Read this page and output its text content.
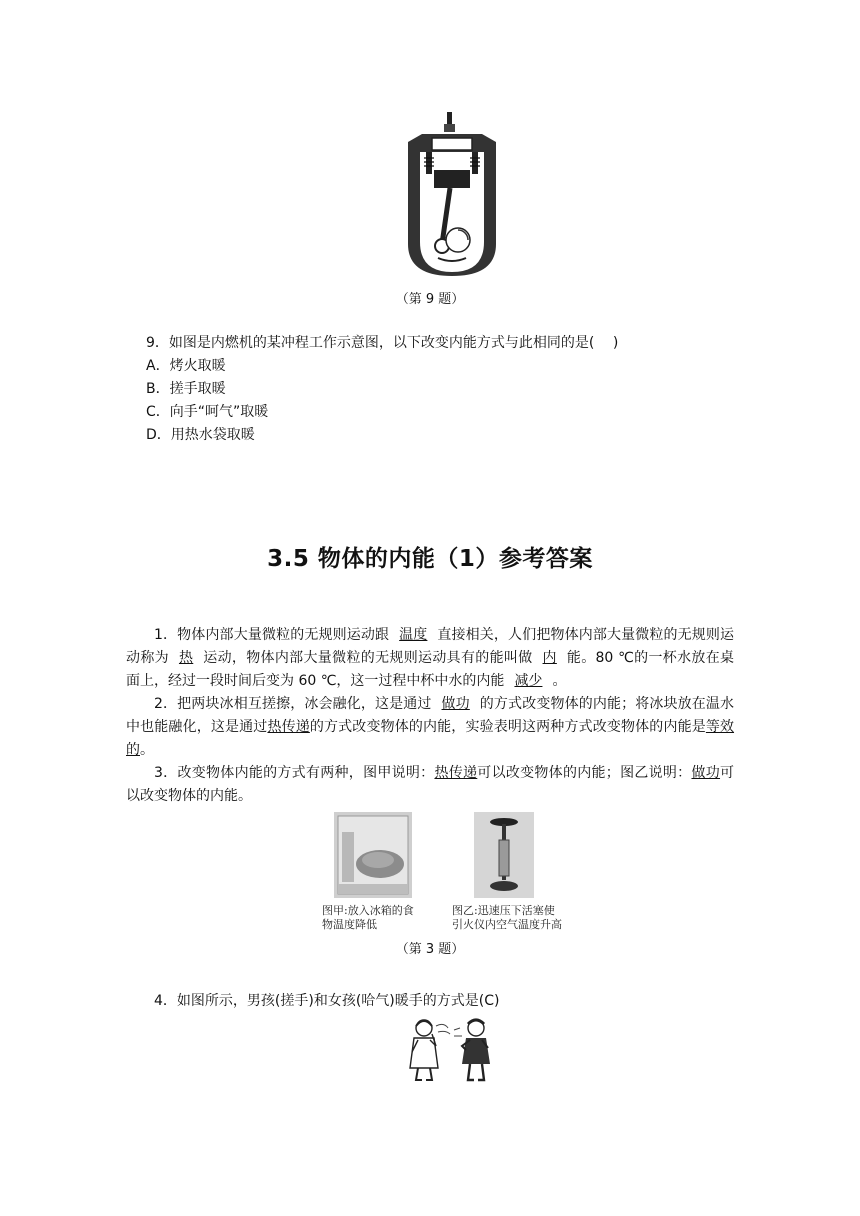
（第 9 题）
9．如图是内燃机的某冲程工作示意图，以下改变内能方式与此相同的是(　 )
A．烤火取暖
B．搓手取暖
C．向手“呵气”取暖
D．用热水袋取暖
3.5 物体的内能（1）参考答案

1．物体内部大量微粒的无规则运动跟 温度 直接相关，人们把物体内部大量微粒的无规则运动称为 热 运动，物体内部大量微粒的无规则运动具有的能叫做 内 能。80 ℃的一杯水放在桌面上，经过一段时间后变为 60 ℃，这一过程中杯中水的内能 减少 。

2．把两块冰相互搓擦，冰会融化，这是通过 做功 的方式改变物体的内能；将冰块放在温水中也能融化，这是通过热传递的方式改变物体的内能，实验表明这两种方式改变物体的内能是等效的。

3．改变物体内能的方式有两种，图甲说明：热传递可以改变物体的内能；图乙说明：做功可以改变物体的内能。

图甲:放入冰箱的食
物温度降低
图乙:迅速压下活塞使
引火仪内空气温度升高
（第 3 题）
4．如图所示，男孩(搓手)和女孩(哈气)暖手的方式是(C)
